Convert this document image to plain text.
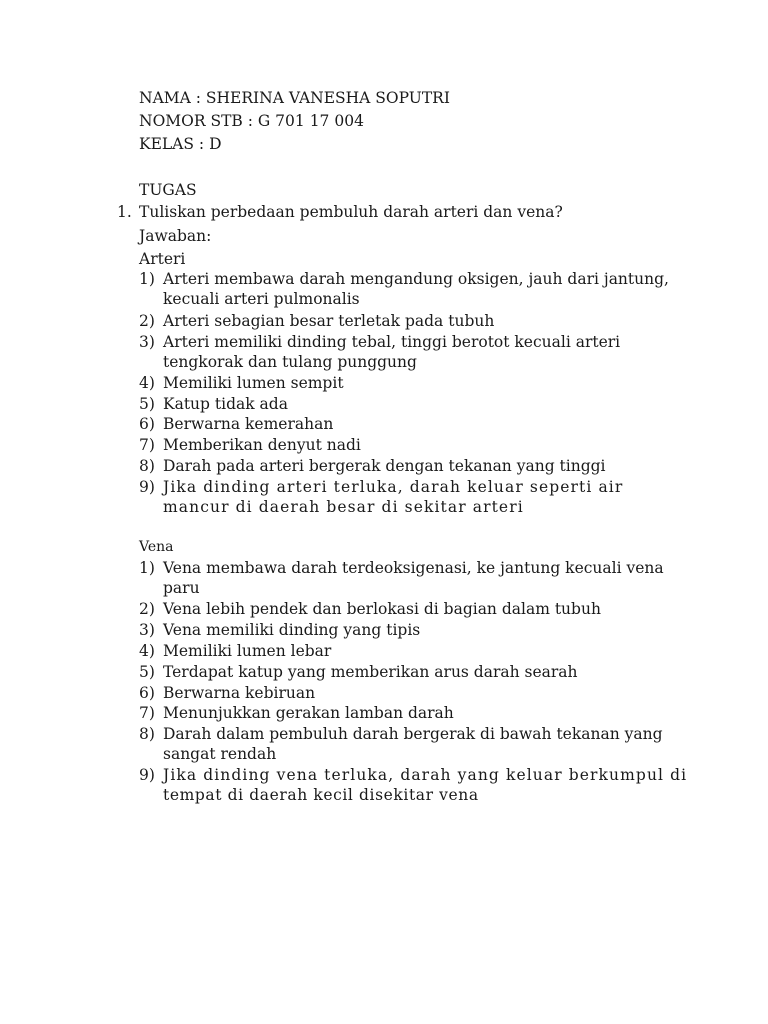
NAMA : SHERINA VANESHA SOPUTRI
NOMOR STB : G 701 17 004
KELAS : D
TUGAS
1. Tuliskan perbedaan pembuluh darah arteri dan vena?
Jawaban:
Arteri
1) Arteri membawa darah mengandung oksigen, jauh dari jantung,
kecuali arteri pulmonalis
2) Arteri sebagian besar terletak pada tubuh
3) Arteri memiliki dinding tebal, tinggi berotot kecuali arteri
tengkorak dan tulang punggung
4) Memiliki lumen sempit
5) Katup tidak ada
6) Berwarna kemerahan
7) Memberikan denyut nadi
8) Darah pada arteri bergerak dengan tekanan yang tinggi
9) Jika dinding arteri terluka, darah keluar seperti air
mancur di daerah besar di sekitar arteri
Vena
1) Vena membawa darah terdeoksigenasi, ke jantung kecuali vena
paru
2) Vena lebih pendek dan berlokasi di bagian dalam tubuh
3) Vena memiliki dinding yang tipis
4) Memiliki lumen lebar
5) Terdapat katup yang memberikan arus darah searah
6) Berwarna kebiruan
7) Menunjukkan gerakan lamban darah
8) Darah dalam pembuluh darah bergerak di bawah tekanan yang
sangat rendah
9) Jika dinding vena terluka, darah yang keluar berkumpul di
tempat di daerah kecil disekitar vena
